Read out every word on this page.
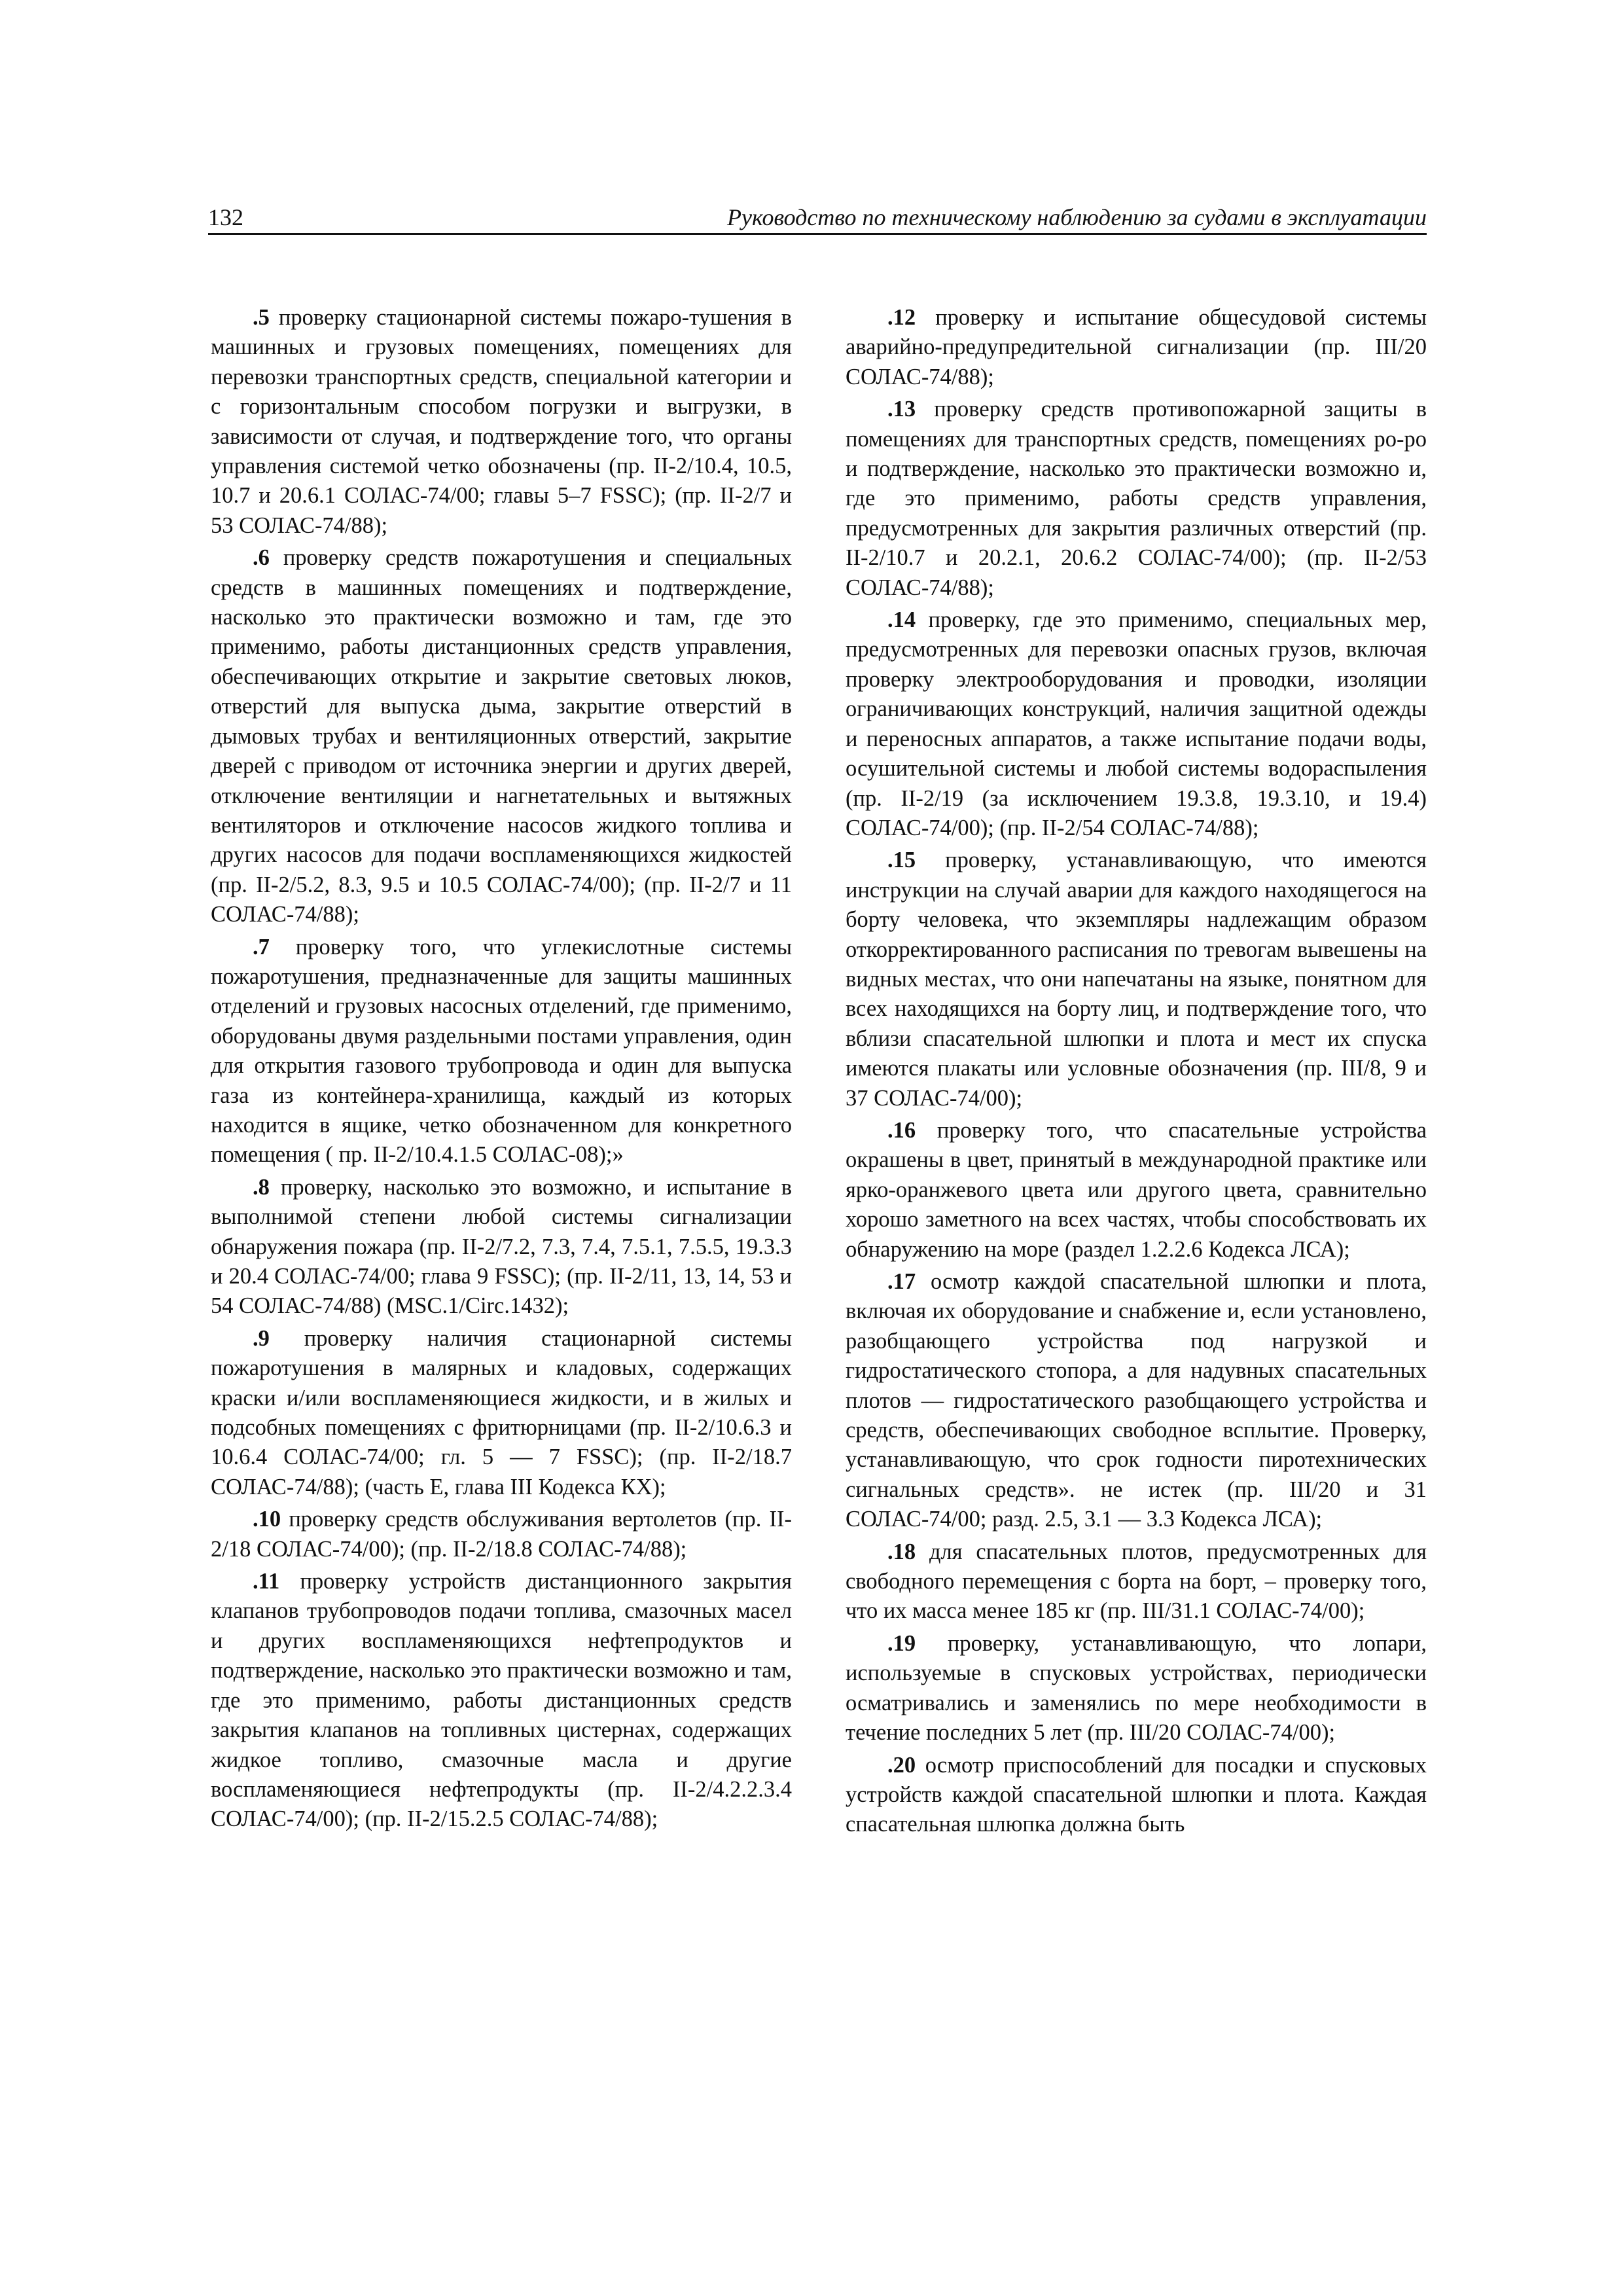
132	Руководство по техническому наблюдению за судами в эксплуатации

.5 проверку стационарной системы пожаро-тушения в машинных и грузовых помещениях, помещениях для перевозки транспортных средств, специальной категории и с горизонтальным способом погрузки и выгрузки, в зависимости от случая, и подтверждение того, что органы управления системой четко обозначены (пр. II-2/10.4, 10.5, 10.7 и 20.6.1 СОЛАС-74/00; главы 5–7 FSSC); (пр. II-2/7 и 53 СОЛАС-74/88);

.6 проверку средств пожаротушения и специальных средств в машинных помещениях и подтверждение, насколько это практически возможно и там, где это применимо, работы дистанционных средств управления, обеспечивающих открытие и закрытие световых люков, отверстий для выпуска дыма, закрытие отверстий в дымовых трубах и вентиляционных отверстий, закрытие дверей с приводом от источника энергии и других дверей, отключение вентиляции и нагнетательных и вытяжных вентиляторов и отключение насосов жидкого топлива и других насосов для подачи воспламеняющихся жидкостей (пр. II-2/5.2, 8.3, 9.5 и 10.5 СОЛАС-74/00); (пр. II-2/7 и 11 СОЛАС-74/88);

.7 проверку того, что углекислотные системы пожаротушения, предназначенные для защиты машинных отделений и грузовых насосных отделений, где применимо, оборудованы двумя раздельными постами управления, один для открытия газового трубопровода и один для выпуска газа из контейнера-хранилища, каждый из которых находится в ящике, четко обозначенном для конкретного помещения ( пр. II-2/10.4.1.5 СОЛАС-08);»

.8 проверку, насколько это возможно, и испытание в выполнимой степени любой системы сигнализации обнаружения пожара (пр. II-2/7.2, 7.3, 7.4, 7.5.1, 7.5.5, 19.3.3 и 20.4 СОЛАС-74/00; глава 9 FSSC); (пр. II-2/11, 13, 14, 53 и 54 СОЛАС-74/88) (MSC.1/Circ.1432);

.9 проверку наличия стационарной системы пожаротушения в малярных и кладовых, содержащих краски и/или воспламеняющиеся жидкости, и в жилых и подсобных помещениях с фритюрницами (пр. II-2/10.6.3 и 10.6.4 СОЛАС-74/00; гл. 5 — 7 FSSC); (пр. II-2/18.7 СОЛАС-74/88); (часть Е, глава III Кодекса КХ);

.10 проверку средств обслуживания вертолетов (пр. II-2/18 СОЛАС-74/00); (пр. II-2/18.8 СОЛАС-74/88);

.11 проверку устройств дистанционного закрытия клапанов трубопроводов подачи топлива, смазочных масел и других воспламеняющихся нефтепродуктов и подтверждение, насколько это практически возможно и там, где это применимо, работы дистанционных средств закрытия клапанов на топливных цистернах, содержащих жидкое топливо, смазочные масла и другие воспламеняющиеся нефтепродукты (пр. II-2/4.2.2.3.4 СОЛАС-74/00); (пр. II-2/15.2.5 СОЛАС-74/88);

.12 проверку и испытание общесудовой системы аварийно-предупредительной сигнализации (пр. III/20 СОЛАС-74/88);

.13 проверку средств противопожарной защиты в помещениях для транспортных средств, помещениях ро-ро и подтверждение, насколько это практически возможно и, где это применимо, работы средств управления, предусмотренных для закрытия различных отверстий (пр. II-2/10.7 и 20.2.1, 20.6.2 СОЛАС-74/00); (пр. II-2/53 СОЛАС-74/88);

.14 проверку, где это применимо, специальных мер, предусмотренных для перевозки опасных грузов, включая проверку электрооборудования и проводки, изоляции ограничивающих конструкций, наличия защитной одежды и переносных аппаратов, а также испытание подачи воды, осушительной системы и любой системы водораспыления (пр. II-2/19 (за исключением 19.3.8, 19.3.10, и 19.4) СОЛАС-74/00); (пр. II-2/54 СОЛАС-74/88);

.15 проверку, устанавливающую, что имеются инструкции на случай аварии для каждого находящегося на борту человека, что экземпляры надлежащим образом откорректированного расписания по тревогам вывешены на видных местах, что они напечатаны на языке, понятном для всех находящихся на борту лиц, и подтверждение того, что вблизи спасательной шлюпки и плота и мест их спуска имеются плакаты или условные обозначения (пр. III/8, 9 и 37 СОЛАС-74/00);

.16 проверку того, что спасательные устройства окрашены в цвет, принятый в международной практике или ярко-оранжевого цвета или другого цвета, сравнительно хорошо заметного на всех частях, чтобы способствовать их обнаружению на море (раздел 1.2.2.6 Кодекса ЛСА);

.17 осмотр каждой спасательной шлюпки и плота, включая их оборудование и снабжение и, если установлено, разобщающего устройства под нагрузкой и гидростатического стопора, а для надувных спасательных плотов — гидростатического разобщающего устройства и средств, обеспечивающих свободное всплытие. Проверку, устанавливающую, что срок годности пиротехнических сигнальных средств». не истек (пр. III/20 и 31 СОЛАС-74/00; разд. 2.5, 3.1 — 3.3 Кодекса ЛСА);

.18 для спасательных плотов, предусмотренных для свободного перемещения с борта на борт, – проверку того, что их масса менее 185 кг (пр. III/31.1 СОЛАС-74/00);

.19 проверку, устанавливающую, что лопари, используемые в спусковых устройствах, периодически осматривались и заменялись по мере необходимости в течение последних 5 лет (пр. III/20 СОЛАС-74/00);

.20 осмотр приспособлений для посадки и спусковых устройств каждой спасательной шлюпки и плота. Каждая спасательная шлюпка должна быть
